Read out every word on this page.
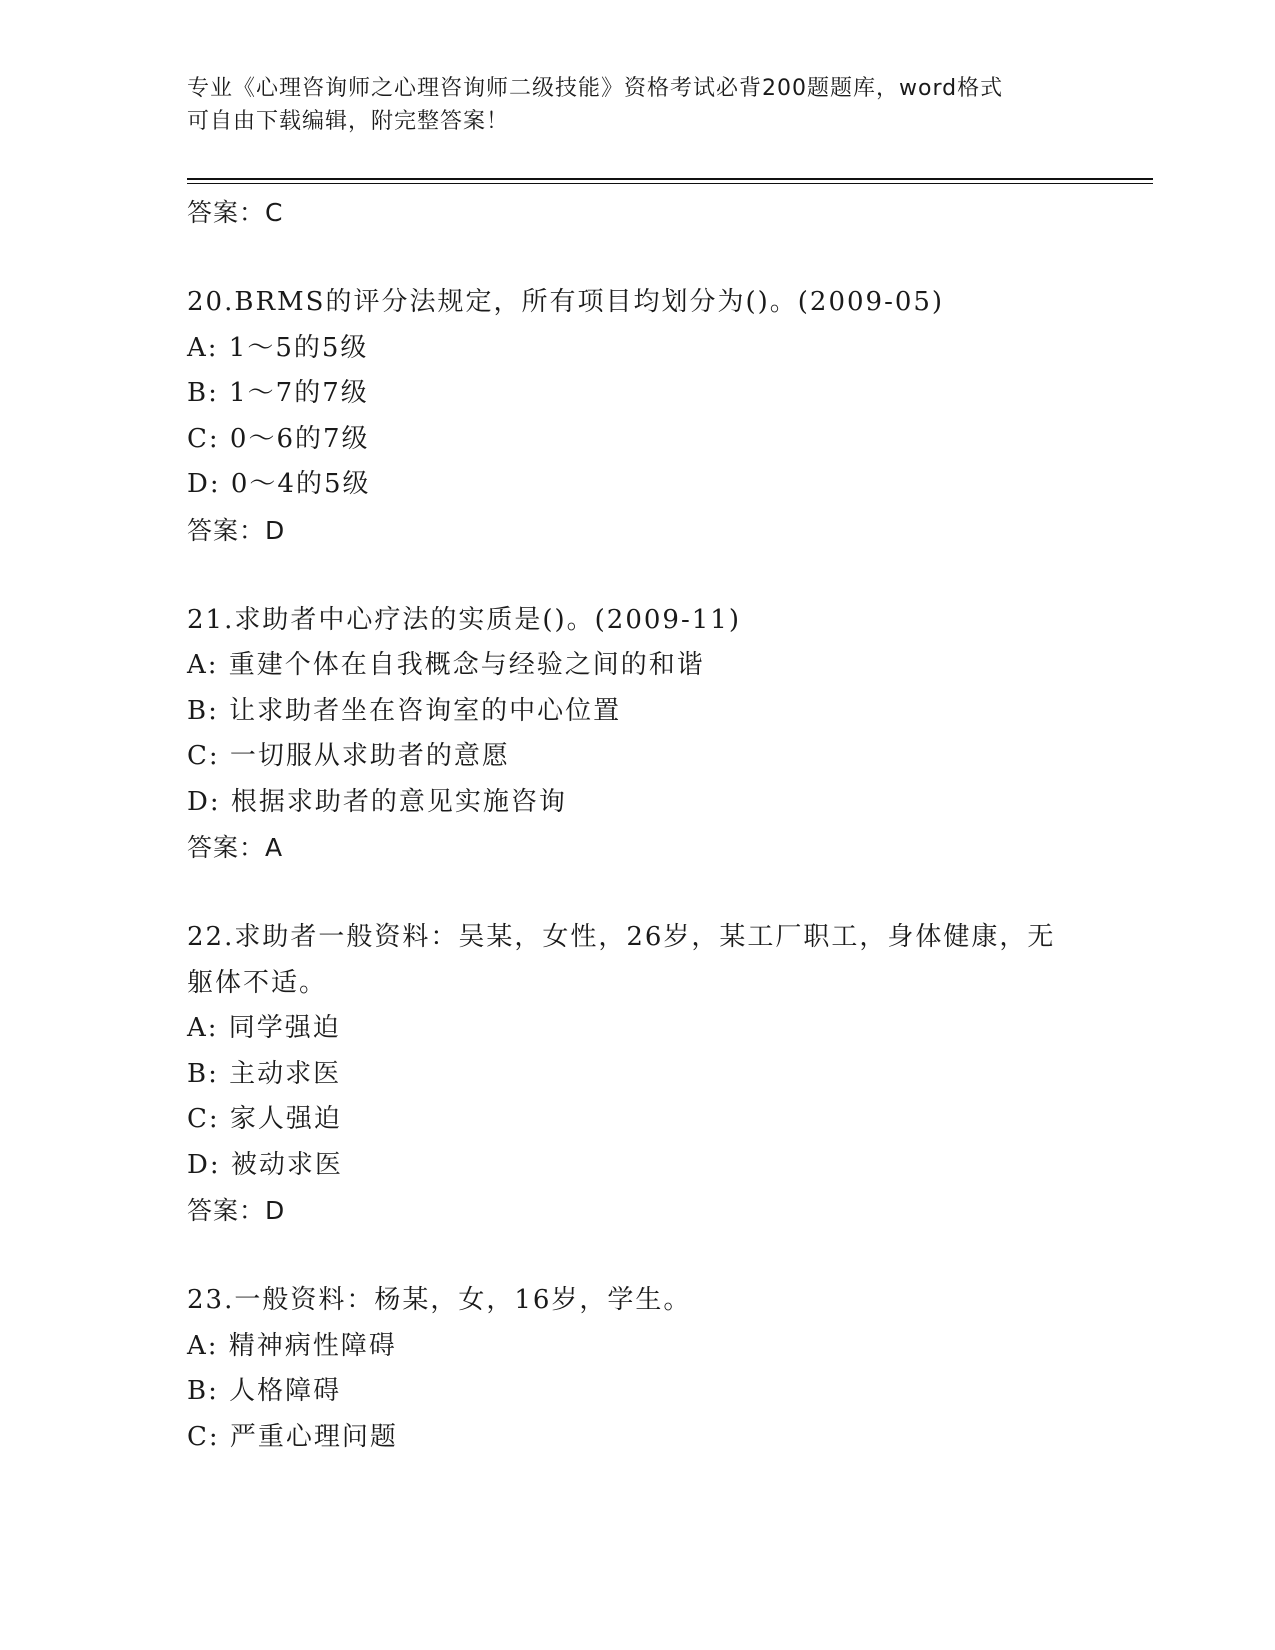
专业《心理咨询师之心理咨询师二级技能》资格考试必背200题题库，word格式
可自由下载编辑，附完整答案！
答案：C
20.BRMS的评分法规定，所有项目均划分为()。(2009-05)
A: 1～5的5级
B: 1～7的7级
C: 0～6的7级
D: 0～4的5级
答案：D
21.求助者中心疗法的实质是()。(2009-11)
A: 重建个体在自我概念与经验之间的和谐
B: 让求助者坐在咨询室的中心位置
C: 一切服从求助者的意愿
D: 根据求助者的意见实施咨询
答案：A
22.求助者一般资料：吴某，女性，26岁，某工厂职工，身体健康，无
躯体不适。
A: 同学强迫
B: 主动求医
C: 家人强迫
D: 被动求医
答案：D
23.一般资料：杨某，女，16岁，学生。
A: 精神病性障碍
B: 人格障碍
C: 严重心理问题
